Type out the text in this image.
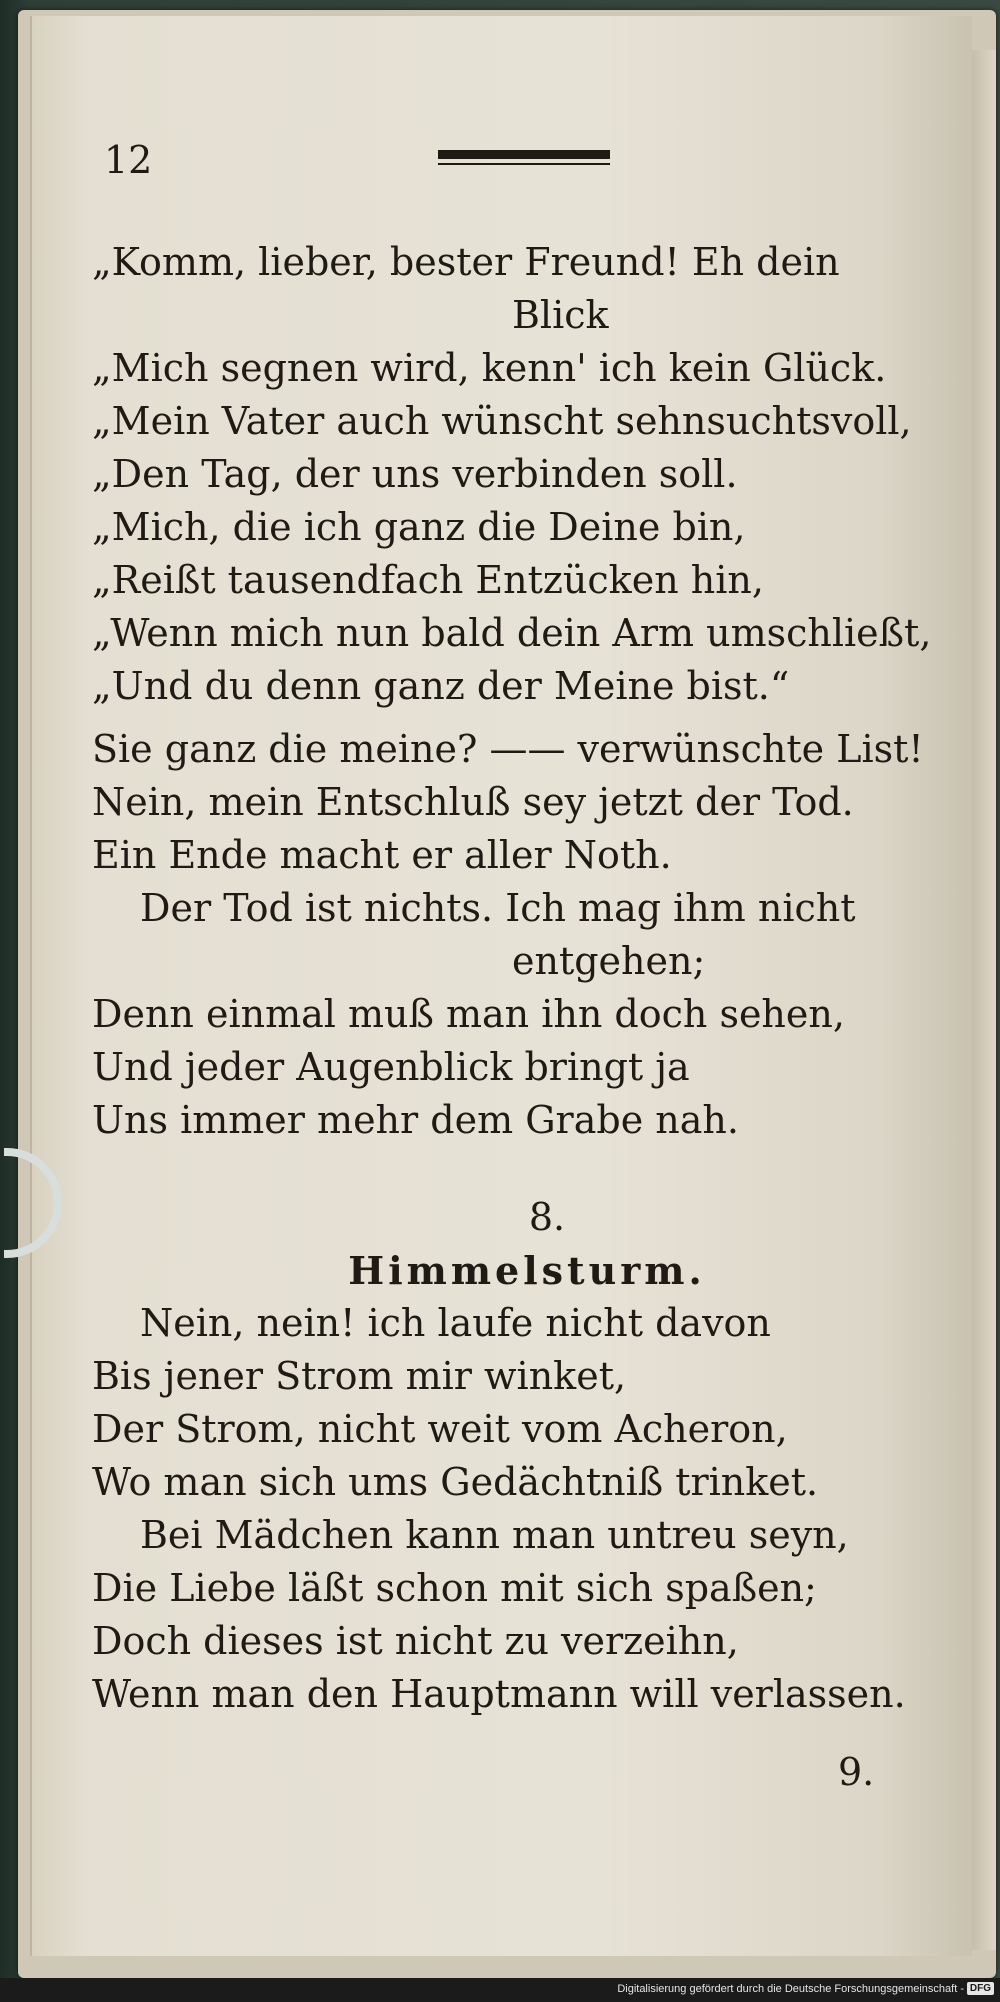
12
„Komm, lieber, bester Freund! Eh dein
Blick
„Mich segnen wird, kenn' ich kein Glück.
„Mein Vater auch wünscht sehnsuchtsvoll,
„Den Tag, der uns verbinden soll.
„Mich, die ich ganz die Deine bin,
„Reißt tausendfach Entzücken hin,
„Wenn mich nun bald dein Arm umschließt,
„Und du denn ganz der Meine bist.“
Sie ganz die meine? —— verwünschte List!
Nein, mein Entschluß sey jetzt der Tod.
Ein Ende macht er aller Noth.
Der Tod ist nichts. Ich mag ihm nicht
entgehen;
Denn einmal muß man ihn doch sehen,
Und jeder Augenblick bringt ja
Uns immer mehr dem Grabe nah.
8.
Himmelsturm.
Nein, nein! ich laufe nicht davon
Bis jener Strom mir winket,
Der Strom, nicht weit vom Acheron,
Wo man sich ums Gedächtniß trinket.
Bei Mädchen kann man untreu seyn,
Die Liebe läßt schon mit sich spaßen;
Doch dieses ist nicht zu verzeihn,
Wenn man den Hauptmann will verlassen.
9.
Digitalisierung gefördert durch die Deutsche Forschungsgemeinschaft - DFG
